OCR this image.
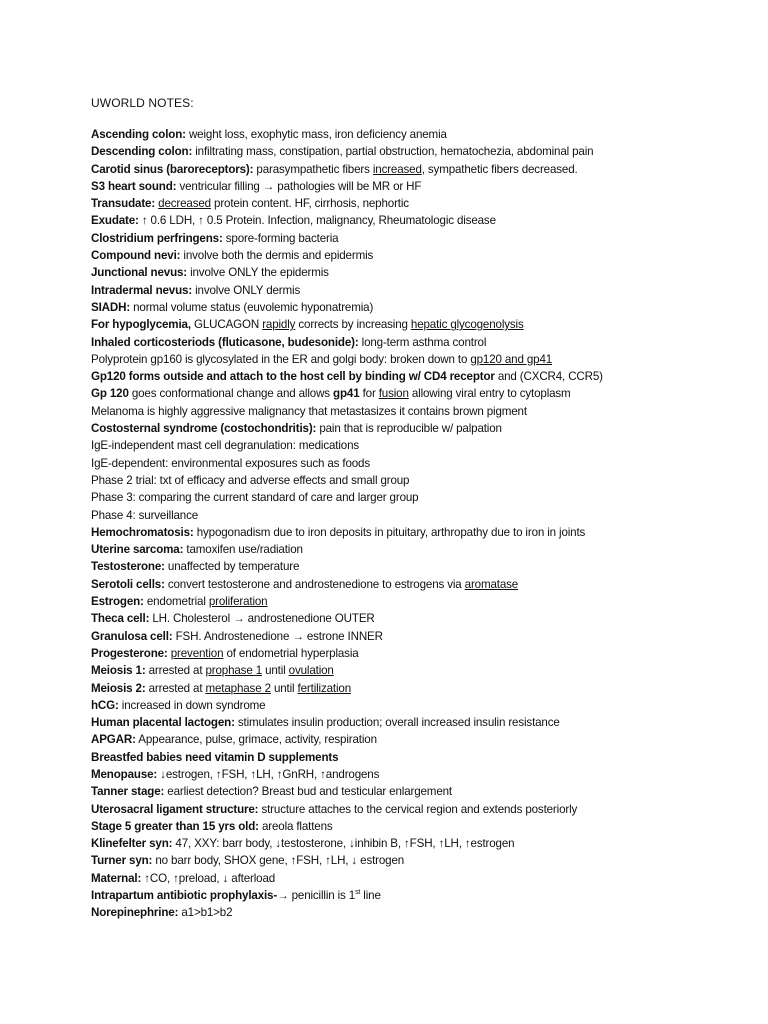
UWORLD NOTES:
Ascending colon: weight loss, exophytic mass, iron deficiency anemia
Descending colon: infiltrating mass, constipation, partial obstruction, hematochezia, abdominal pain
Carotid sinus (baroreceptors): parasympathetic fibers increased, sympathetic fibers decreased.
S3 heart sound: ventricular filling → pathologies will be MR or HF
Transudate: decreased protein content. HF, cirrhosis, nephortic
Exudate: ↑ 0.6 LDH, ↑ 0.5 Protein. Infection, malignancy, Rheumatologic disease
Clostridium perfringens: spore-forming bacteria
Compound nevi: involve both the dermis and epidermis
Junctional nevus: involve ONLY the epidermis
Intradermal nevus: involve ONLY dermis
SIADH: normal volume status (euvolemic hyponatremia)
For hypoglycemia, GLUCAGON rapidly corrects by increasing hepatic glycogenolysis
Inhaled corticosteriods (fluticasone, budesonide): long-term asthma control
Polyprotein gp160 is glycosylated in the ER and golgi body: broken down to gp120 and gp41
Gp120 forms outside and attach to the host cell by binding w/ CD4 receptor and (CXCR4, CCR5)
Gp 120 goes conformational change and allows gp41 for fusion allowing viral entry to cytoplasm
Melanoma is highly aggressive malignancy that metastasizes it contains brown pigment
Costosternal syndrome (costochondritis): pain that is reproducible w/ palpation
IgE-independent mast cell degranulation: medications
IgE-dependent: environmental exposures such as foods
Phase 2 trial: txt of efficacy and adverse effects and small group
Phase 3: comparing the current standard of care and larger group
Phase 4: surveillance
Hemochromatosis: hypogonadism due to iron deposits in pituitary, arthropathy due to iron in joints
Uterine sarcoma: tamoxifen use/radiation
Testosterone: unaffected by temperature
Serotoli cells: convert testosterone and androstenedione to estrogens via aromatase
Estrogen: endometrial proliferation
Theca cell: LH. Cholesterol → androstenedione OUTER
Granulosa cell: FSH. Androstenedione → estrone INNER
Progesterone: prevention of endometrial hyperplasia
Meiosis 1: arrested at prophase 1 until ovulation
Meiosis 2: arrested at metaphase 2 until fertilization
hCG: increased in down syndrome
Human placental lactogen: stimulates insulin production; overall increased insulin resistance
APGAR: Appearance, pulse, grimace, activity, respiration
Breastfed babies need vitamin D supplements
Menopause: ↓estrogen, ↑FSH, ↑LH, ↑GnRH, ↑androgens
Tanner stage: earliest detection? Breast bud and testicular enlargement
Uterosacral ligament structure: structure attaches to the cervical region and extends posteriorly
Stage 5 greater than 15 yrs old: areola flattens
Klinefelter syn: 47, XXY: barr body, ↓testosterone, ↓inhibin B, ↑FSH, ↑LH, ↑estrogen
Turner syn: no barr body, SHOX gene, ↑FSH, ↑LH, ↓ estrogen
Maternal: ↑CO, ↑preload, ↓ afterload
Intrapartum antibiotic prophylaxis-→ penicillin is 1st line
Norepinephrine: a1>b1>b2
